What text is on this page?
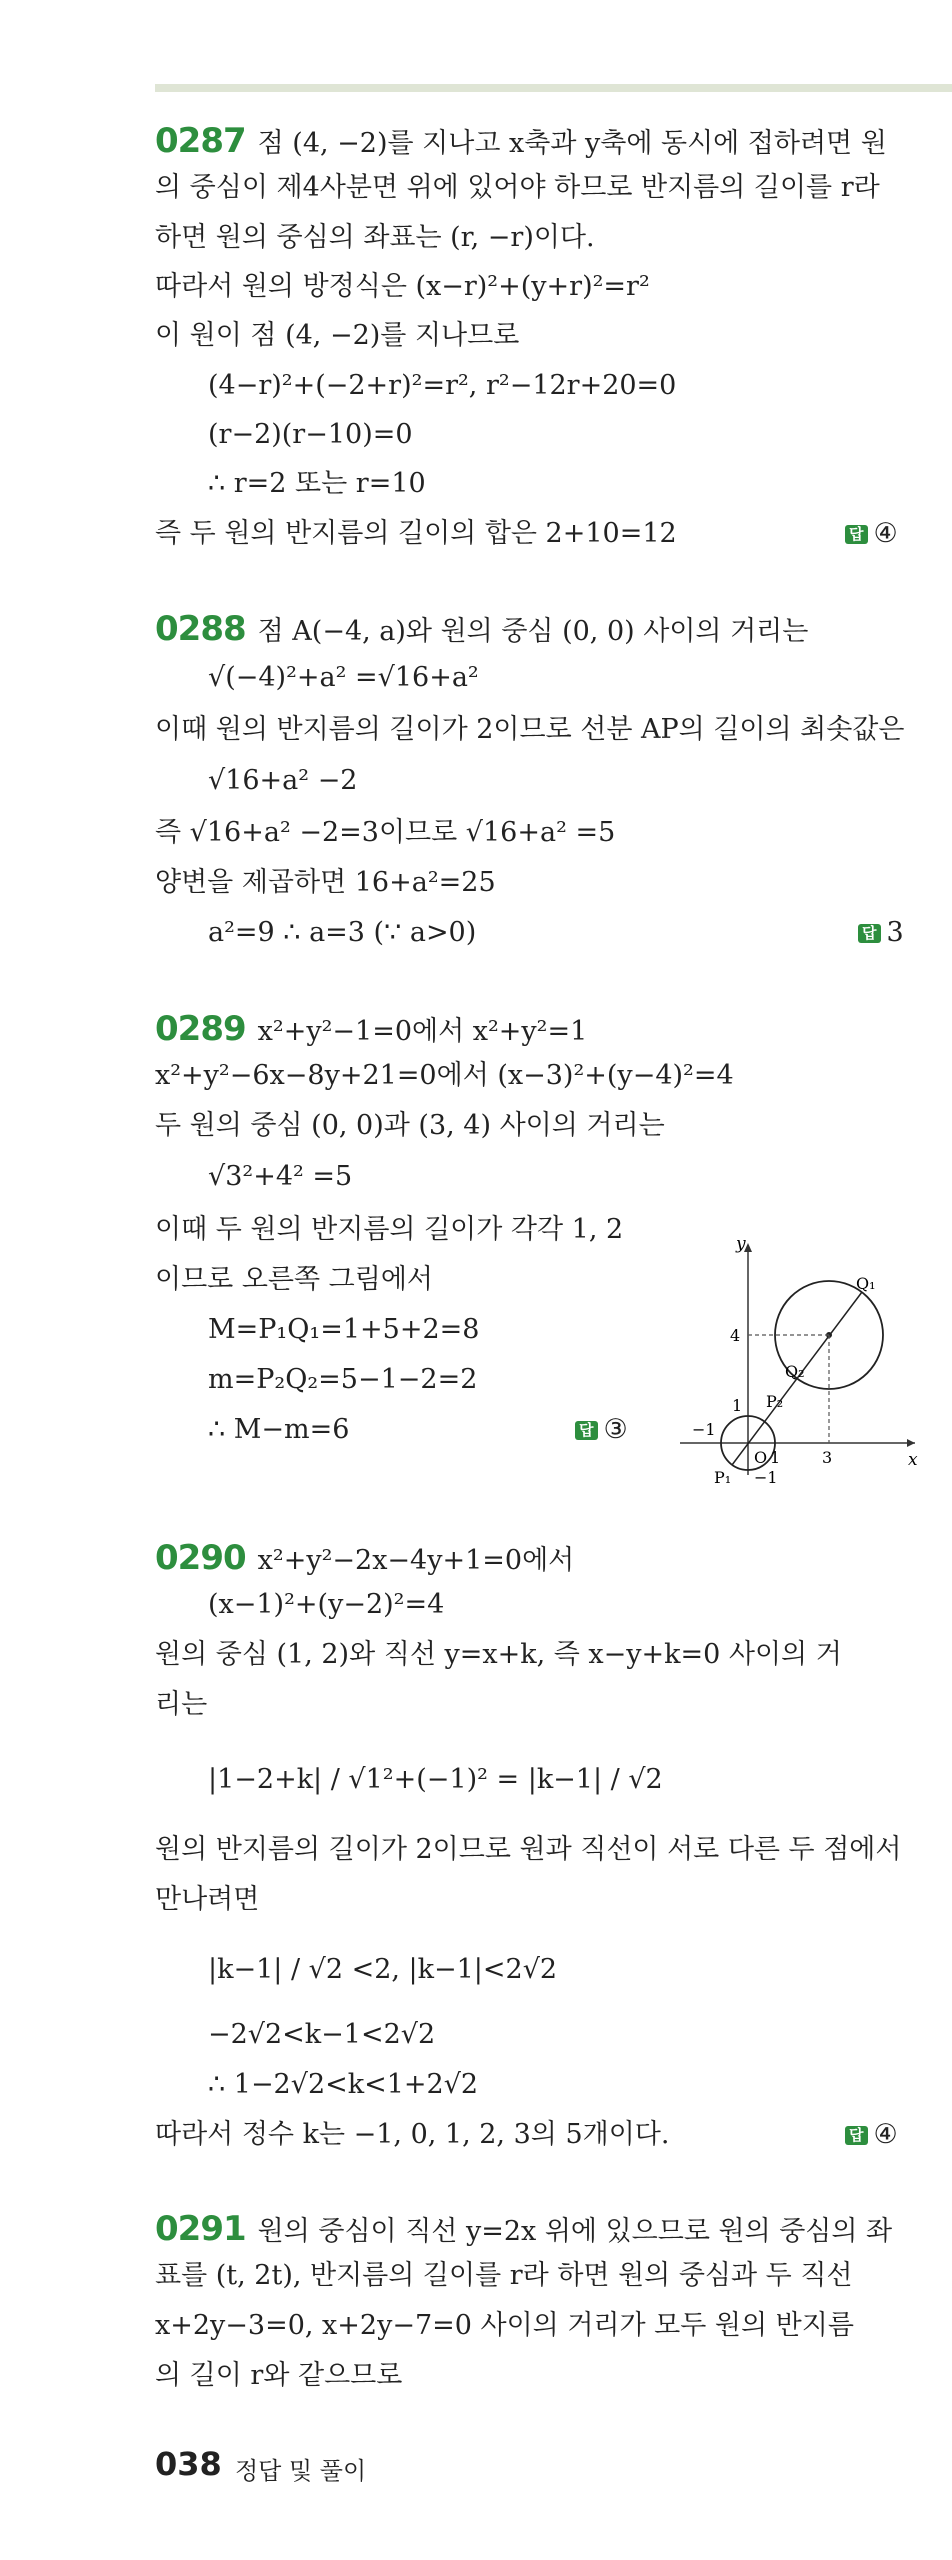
0287 점 (4, −2)를 지나고 x축과 y축에 동시에 접하려면 원
의 중심이 제4사분면 위에 있어야 하므로 반지름의 길이를 r라
하면 원의 중심의 좌표는 (r, −r)이다.
따라서 원의 방정식은 (x−r)²+(y+r)²=r²
이 원이 점 (4, −2)를 지나므로
(4−r)²+(−2+r)²=r², r²−12r+20=0
(r−2)(r−10)=0
∴ r=2 또는 r=10
즉 두 원의 반지름의 길이의 합은 2+10=12
0288 점 A(−4, a)와 원의 중심 (0, 0) 사이의 거리는
√(−4)²+a² =√16+a²
이때 원의 반지름의 길이가 2이므로 선분 AP의 길이의 최솟값은
√16+a² −2
즉 √16+a² −2=3이므로 √16+a² =5
양변을 제곱하면 16+a²=25
a²=9 ∴ a=3 (∵ a>0)
0289 x²+y²−1=0에서 x²+y²=1
x²+y²−6x−8y+21=0에서 (x−3)²+(y−4)²=4
두 원의 중심 (0, 0)과 (3, 4) 사이의 거리는
√3²+4² =5
이때 두 원의 반지름의 길이가 각각 1, 2
이므로 오른쪽 그림에서
M=P₁Q₁=1+5+2=8
m=P₂Q₂=5−1−2=2
∴ M−m=6
0290 x²+y²−2x−4y+1=0에서
(x−1)²+(y−2)²=4
원의 중심 (1, 2)와 직선 y=x+k, 즉 x−y+k=0 사이의 거
리는
|1−2+k| / √1²+(−1)² = |k−1| / √2
원의 반지름의 길이가 2이므로 원과 직선이 서로 다른 두 점에서
만나려면
|k−1| / √2 <2, |k−1|<2√2
−2√2<k−1<2√2
∴ 1−2√2<k<1+2√2
따라서 정수 k는 −1, 0, 1, 2, 3의 5개이다.
0291 원의 중심이 직선 y=2x 위에 있으므로 원의 중심의 좌
표를 (t, 2t), 반지름의 길이를 r라 하면 원의 중심과 두 직선
x+2y−3=0, x+2y−7=0 사이의 거리가 모두 원의 반지름
의 길이 r와 같으므로
답 ④
답 3
답 ③
답 ④
y
x
Q₁
Q₂
P₂
P₁
O
4
1
−1
1	3
−1
038 정답 및 풀이
